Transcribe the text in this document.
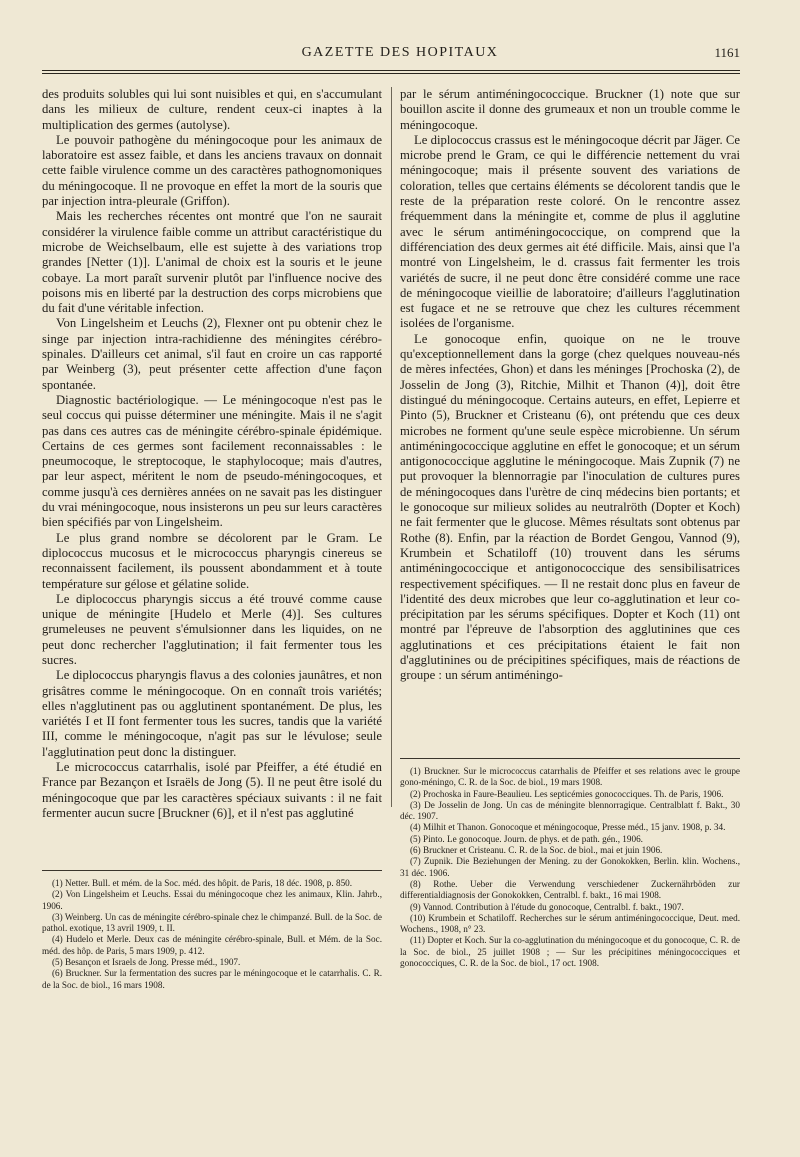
GAZETTE DES HOPITAUX	1161

des produits solubles qui lui sont nuisibles et qui, en s'accumulant dans les milieux de culture, rendent ceux-ci inaptes à la multiplication des germes (autolyse).

Le pouvoir pathogène du méningocoque pour les animaux de laboratoire est assez faible, et dans les anciens travaux on donnait cette faible virulence comme un des caractères pathognomoniques du méningocoque. Il ne provoque en effet la mort de la souris que par injection intra-pleurale (Griffon).

Mais les recherches récentes ont montré que l'on ne saurait considérer la virulence faible comme un attribut caractéristique du microbe de Weichselbaum, elle est sujette à des variations trop grandes [Netter (1)]. L'animal de choix est la souris et le jeune cobaye. La mort paraît survenir plutôt par l'influence nocive des poisons mis en liberté par la destruction des corps microbiens que du fait d'une véritable infection.

Von Lingelsheim et Leuchs (2), Flexner ont pu obtenir chez le singe par injection intra-rachidienne des méningites cérébro-spinales. D'ailleurs cet animal, s'il faut en croire un cas rapporté par Weinberg (3), peut présenter cette affection d'une façon spontanée.

Diagnostic bactériologique. — Le méningocoque n'est pas le seul coccus qui puisse déterminer une méningite. Mais il ne s'agit pas dans ces autres cas de méningite cérébro-spinale épidémique. Certains de ces germes sont facilement reconnaissables : le pneumocoque, le streptocoque, le staphylocoque; mais d'autres, par leur aspect, méritent le nom de pseudo-méningocoques, et comme jusqu'à ces dernières années on ne savait pas les distinguer du vrai méningocoque, nous insisterons un peu sur leurs caractères bien spécifiés par von Lingelsheim.

Le plus grand nombre se décolorent par le Gram. Le diplococcus mucosus et le micrococcus pharyngis cinereus se reconnaissent facilement, ils poussent abondamment et à toute température sur gélose et gélatine solide.

Le diplococcus pharyngis siccus a été trouvé comme cause unique de méningite [Hudelo et Merle (4)]. Ses cultures grumeleuses ne peuvent s'émulsionner dans les liquides, on ne peut donc rechercher l'agglutination; il fait fermenter tous les sucres.

Le diplococcus pharyngis flavus a des colonies jaunâtres, et non grisâtres comme le méningocoque. On en connaît trois variétés; elles n'agglutinent pas ou agglutinent spontanément. De plus, les variétés I et II font fermenter tous les sucres, tandis que la variété III, comme le méningocoque, n'agit pas sur le lévulose; seule l'agglutination peut donc la distinguer.

Le micrococcus catarrhalis, isolé par Pfeiffer, a été étudié en France par Bezançon et Israëls de Jong (5). Il ne peut être isolé du méningocoque que par les caractères spéciaux suivants : il ne fait fermenter aucun sucre [Bruckner (6)], et il n'est pas agglutiné

par le sérum antiméningococcique. Bruckner (1) note que sur bouillon ascite il donne des grumeaux et non un trouble comme le méningocoque.

Le diplococcus crassus est le méningocoque décrit par Jäger. Ce microbe prend le Gram, ce qui le différencie nettement du vrai méningocoque; mais il présente souvent des variations de coloration, telles que certains éléments se décolorent tandis que le reste de la préparation reste coloré. On le rencontre assez fréquemment dans la méningite et, comme de plus il agglutine avec le sérum antiméningococcique, on comprend que la différenciation des deux germes ait été difficile. Mais, ainsi que l'a montré von Lingelsheim, le d. crassus fait fermenter les trois variétés de sucre, il ne peut donc être considéré comme une race de méningocoque vieillie de laboratoire; d'ailleurs l'agglutination est fugace et ne se retrouve que chez les cultures récemment isolées de l'organisme.

Le gonocoque enfin, quoique on ne le trouve qu'exceptionnellement dans la gorge (chez quelques nouveau-nés de mères infectées, Ghon) et dans les méninges [Prochoska (2), de Josselin de Jong (3), Ritchie, Milhit et Thanon (4)], doit être distingué du méningocoque. Certains auteurs, en effet, Lepierre et Pinto (5), Bruckner et Cristeanu (6), ont prétendu que ces deux microbes ne forment qu'une seule espèce microbienne. Un sérum antiméningococcique agglutine en effet le gonocoque; et un sérum antigonococcique agglutine le méningocoque. Mais Zupnik (7) ne put provoquer la blennorragie par l'inoculation de cultures pures de méningocoques dans l'urètre de cinq médecins bien portants; et le gonocoque sur milieux solides au neutralröth (Dopter et Koch) ne fait fermenter que le glucose. Mêmes résultats sont obtenus par Rothe (8). Enfin, par la réaction de Bordet Gengou, Vannod (9), Krumbein et Schatiloff (10) trouvent dans les sérums antiméningococcique et antigonococcique des sensibilisatrices respectivement spécifiques. — Il ne restait donc plus en faveur de l'identité des deux microbes que leur co-agglutination et leur co-précipitation par les sérums spécifiques. Dopter et Koch (11) ont montré par l'épreuve de l'absorption des agglutinines que ces agglutinations et ces précipitations étaient le fait non d'agglutinines ou de précipitines spécifiques, mais de réactions de groupe : un sérum antiméningo-

(1) Netter. Bull. et mém. de la Soc. méd. des hôpit. de Paris, 18 déc. 1908, p. 850.

(2) Von Lingelsheim et Leuchs. Essai du méningocoque chez les animaux, Klin. Jahrb., 1906.

(3) Weinberg. Un cas de méningite cérébro-spinale chez le chimpanzé. Bull. de la Soc. de pathol. exotique, 13 avril 1909, t. II.

(4) Hudelo et Merle. Deux cas de méningite cérébro-spinale, Bull. et Mém. de la Soc. méd. des hôp. de Paris, 5 mars 1909, p. 412.

(5) Besançon et Israels de Jong. Presse méd., 1907.

(6) Bruckner. Sur la fermentation des sucres par le méningocoque et le catarrhalis. C. R. de la Soc. de biol., 16 mars 1908.

(1) Bruckner. Sur le micrococcus catarrhalis de Pfeiffer et ses relations avec le groupe gono-méningo, C. R. de la Soc. de biol., 19 mars 1908.

(2) Prochoska in Faure-Beaulieu. Les septicémies gonococciques. Th. de Paris, 1906.

(3) De Josselin de Jong. Un cas de méningite blennorragique. Centralblatt f. Bakt., 30 déc. 1907.

(4) Milhit et Thanon. Gonocoque et méningocoque, Presse méd., 15 janv. 1908, p. 34.

(5) Pinto. Le gonocoque. Journ. de phys. et de path. gén., 1906.

(6) Bruckner et Cristeanu. C. R. de la Soc. de biol., mai et juin 1906.

(7) Zupnik. Die Beziehungen der Mening. zu der Gonokokken, Berlin. klin. Wochens., 31 déc. 1906.

(8) Rothe. Ueber die Verwendung verschiedener Zuckernährböden zur differentialdiagnosis der Gonokokken, Centralbl. f. bakt., 16 mai 1908.

(9) Vannod. Contribution à l'étude du gonocoque, Centralbl. f. bakt., 1907.

(10) Krumbein et Schatiloff. Recherches sur le sérum antiméningococcique, Deut. med. Wochens., 1908, n° 23.

(11) Dopter et Koch. Sur la co-agglutination du méningocoque et du gonocoque, C. R. de la Soc. de biol., 25 juillet 1908 ; — Sur les précipitines méningococciques et gonococciques, C. R. de la Soc. de biol., 17 oct. 1908.
